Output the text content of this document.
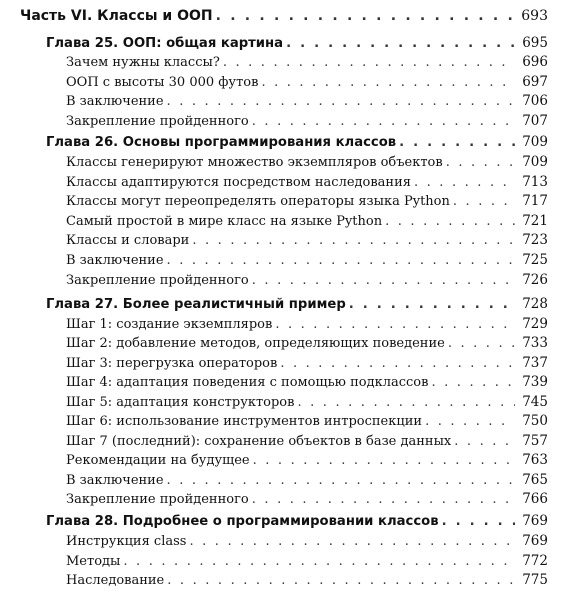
Часть VI. Классы и ООП . . .	693
Глава 25. ООП: общая картина . . .	695
Зачем нужны классы? . . .	696
ООП с высоты 30 000 футов . . .	697
В заключение . . .	706
Закрепление пройденного . . .	707
Глава 26. Основы программирования классов . . .	709
Классы генерируют множество экземпляров объектов . . .	709
Классы адаптируются посредством наследования . . .	713
Классы могут переопределять операторы языка Python . . .	717
Самый простой в мире класс на языке Python . . .	721
Классы и словари . . .	723
В заключение . . .	725
Закрепление пройденного . . .	726
Глава 27. Более реалистичный пример . . .	728
Шаг 1: создание экземпляров . . .	729
Шаг 2: добавление методов, определяющих поведение . . .	733
Шаг 3: перегрузка операторов . . .	737
Шаг 4: адаптация поведения с помощью подклассов . . .	739
Шаг 5: адаптация конструкторов . . .	745
Шаг 6: использование инструментов интроспекции . . .	750
Шаг 7 (последний): сохранение объектов в базе данных . . .	757
Рекомендации на будущее . . .	763
В заключение . . .	765
Закрепление пройденного . . .	766
Глава 28. Подробнее о программировании классов . . .	769
Инструкция class . . .	769
Методы . . .	772
Наследование . . .	775
